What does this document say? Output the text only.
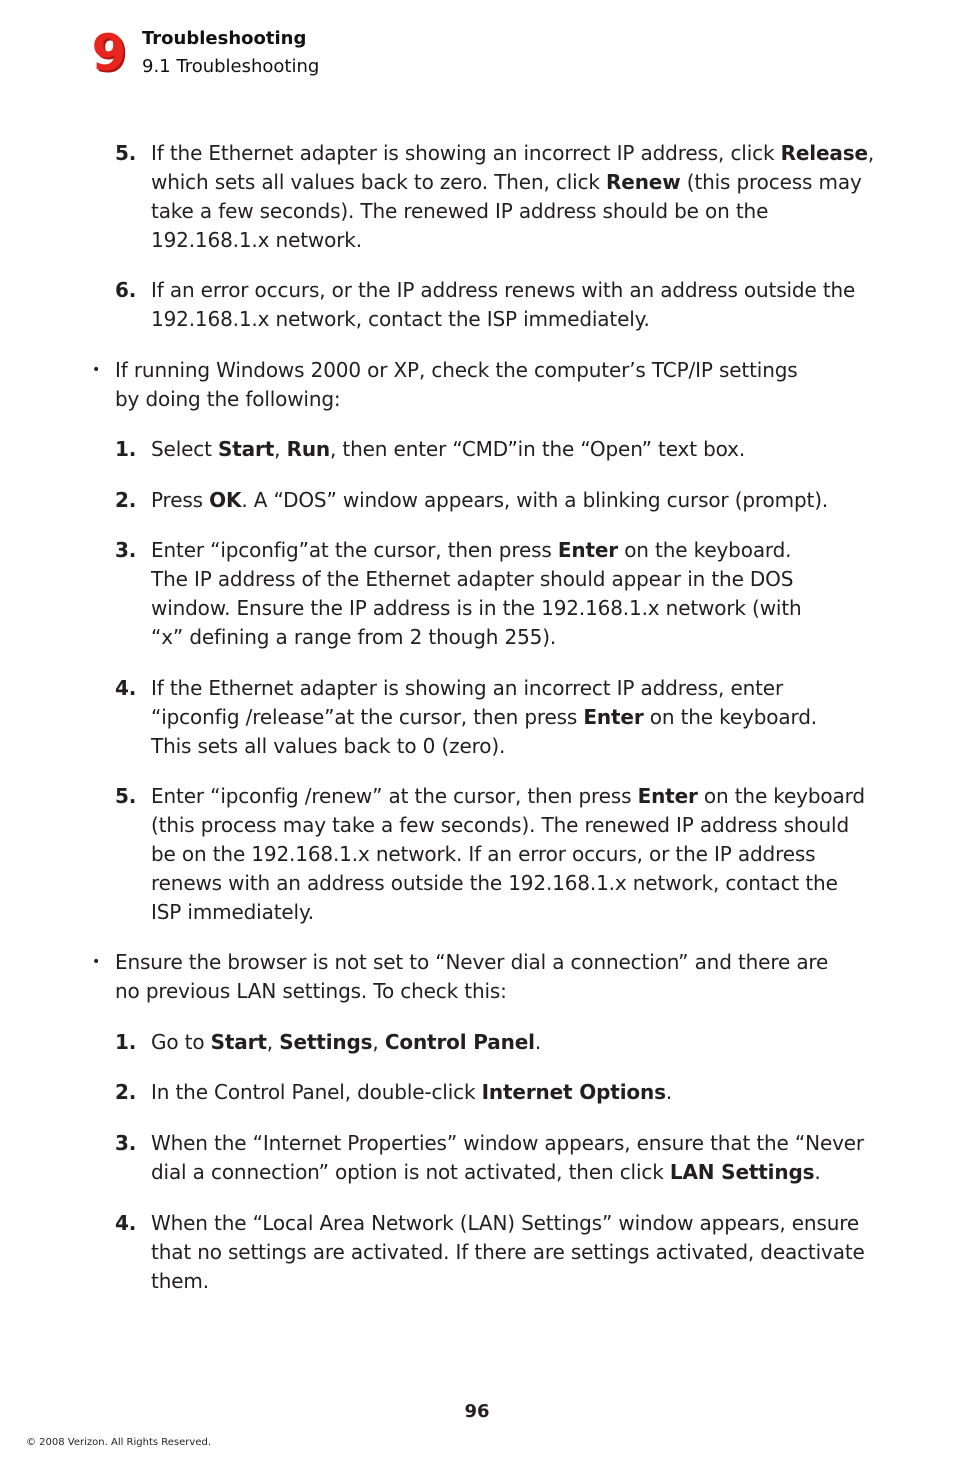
9 Troubleshooting
9.1 Troubleshooting
5. If the Ethernet adapter is showing an incorrect IP address, click Release, which sets all values back to zero. Then, click Renew (this process may take a few seconds). The renewed IP address should be on the 192.168.1.x network.
6. If an error occurs, or the IP address renews with an address outside the 192.168.1.x network, contact the ISP immediately.
• If running Windows 2000 or XP, check the computer’s TCP/IP settings by doing the following:
1. Select Start, Run, then enter “CMD”in the “Open” text box.
2. Press OK. A “DOS” window appears, with a blinking cursor (prompt).
3. Enter “ipconfig”at the cursor, then press Enter on the keyboard.
The IP address of the Ethernet adapter should appear in the DOS window. Ensure the IP address is in the 192.168.1.x network (with “x” defining a range from 2 though 255).
4. If the Ethernet adapter is showing an incorrect IP address, enter “ipconfig /release”at the cursor, then press Enter on the keyboard. This sets all values back to 0 (zero).
5. Enter “ipconfig /renew” at the cursor, then press Enter on the keyboard (this process may take a few seconds). The renewed IP address should be on the 192.168.1.x network. If an error occurs, or the IP address renews with an address outside the 192.168.1.x network, contact the ISP immediately.
• Ensure the browser is not set to “Never dial a connection” and there are no previous LAN settings. To check this:
1. Go to Start, Settings, Control Panel.
2. In the Control Panel, double-click Internet Options.
3. When the “Internet Properties” window appears, ensure that the “Never dial a connection” option is not activated, then click LAN Settings.
4. When the “Local Area Network (LAN) Settings” window appears, ensure that no settings are activated. If there are settings activated, deactivate them.
96
© 2008 Verizon. All Rights Reserved.
